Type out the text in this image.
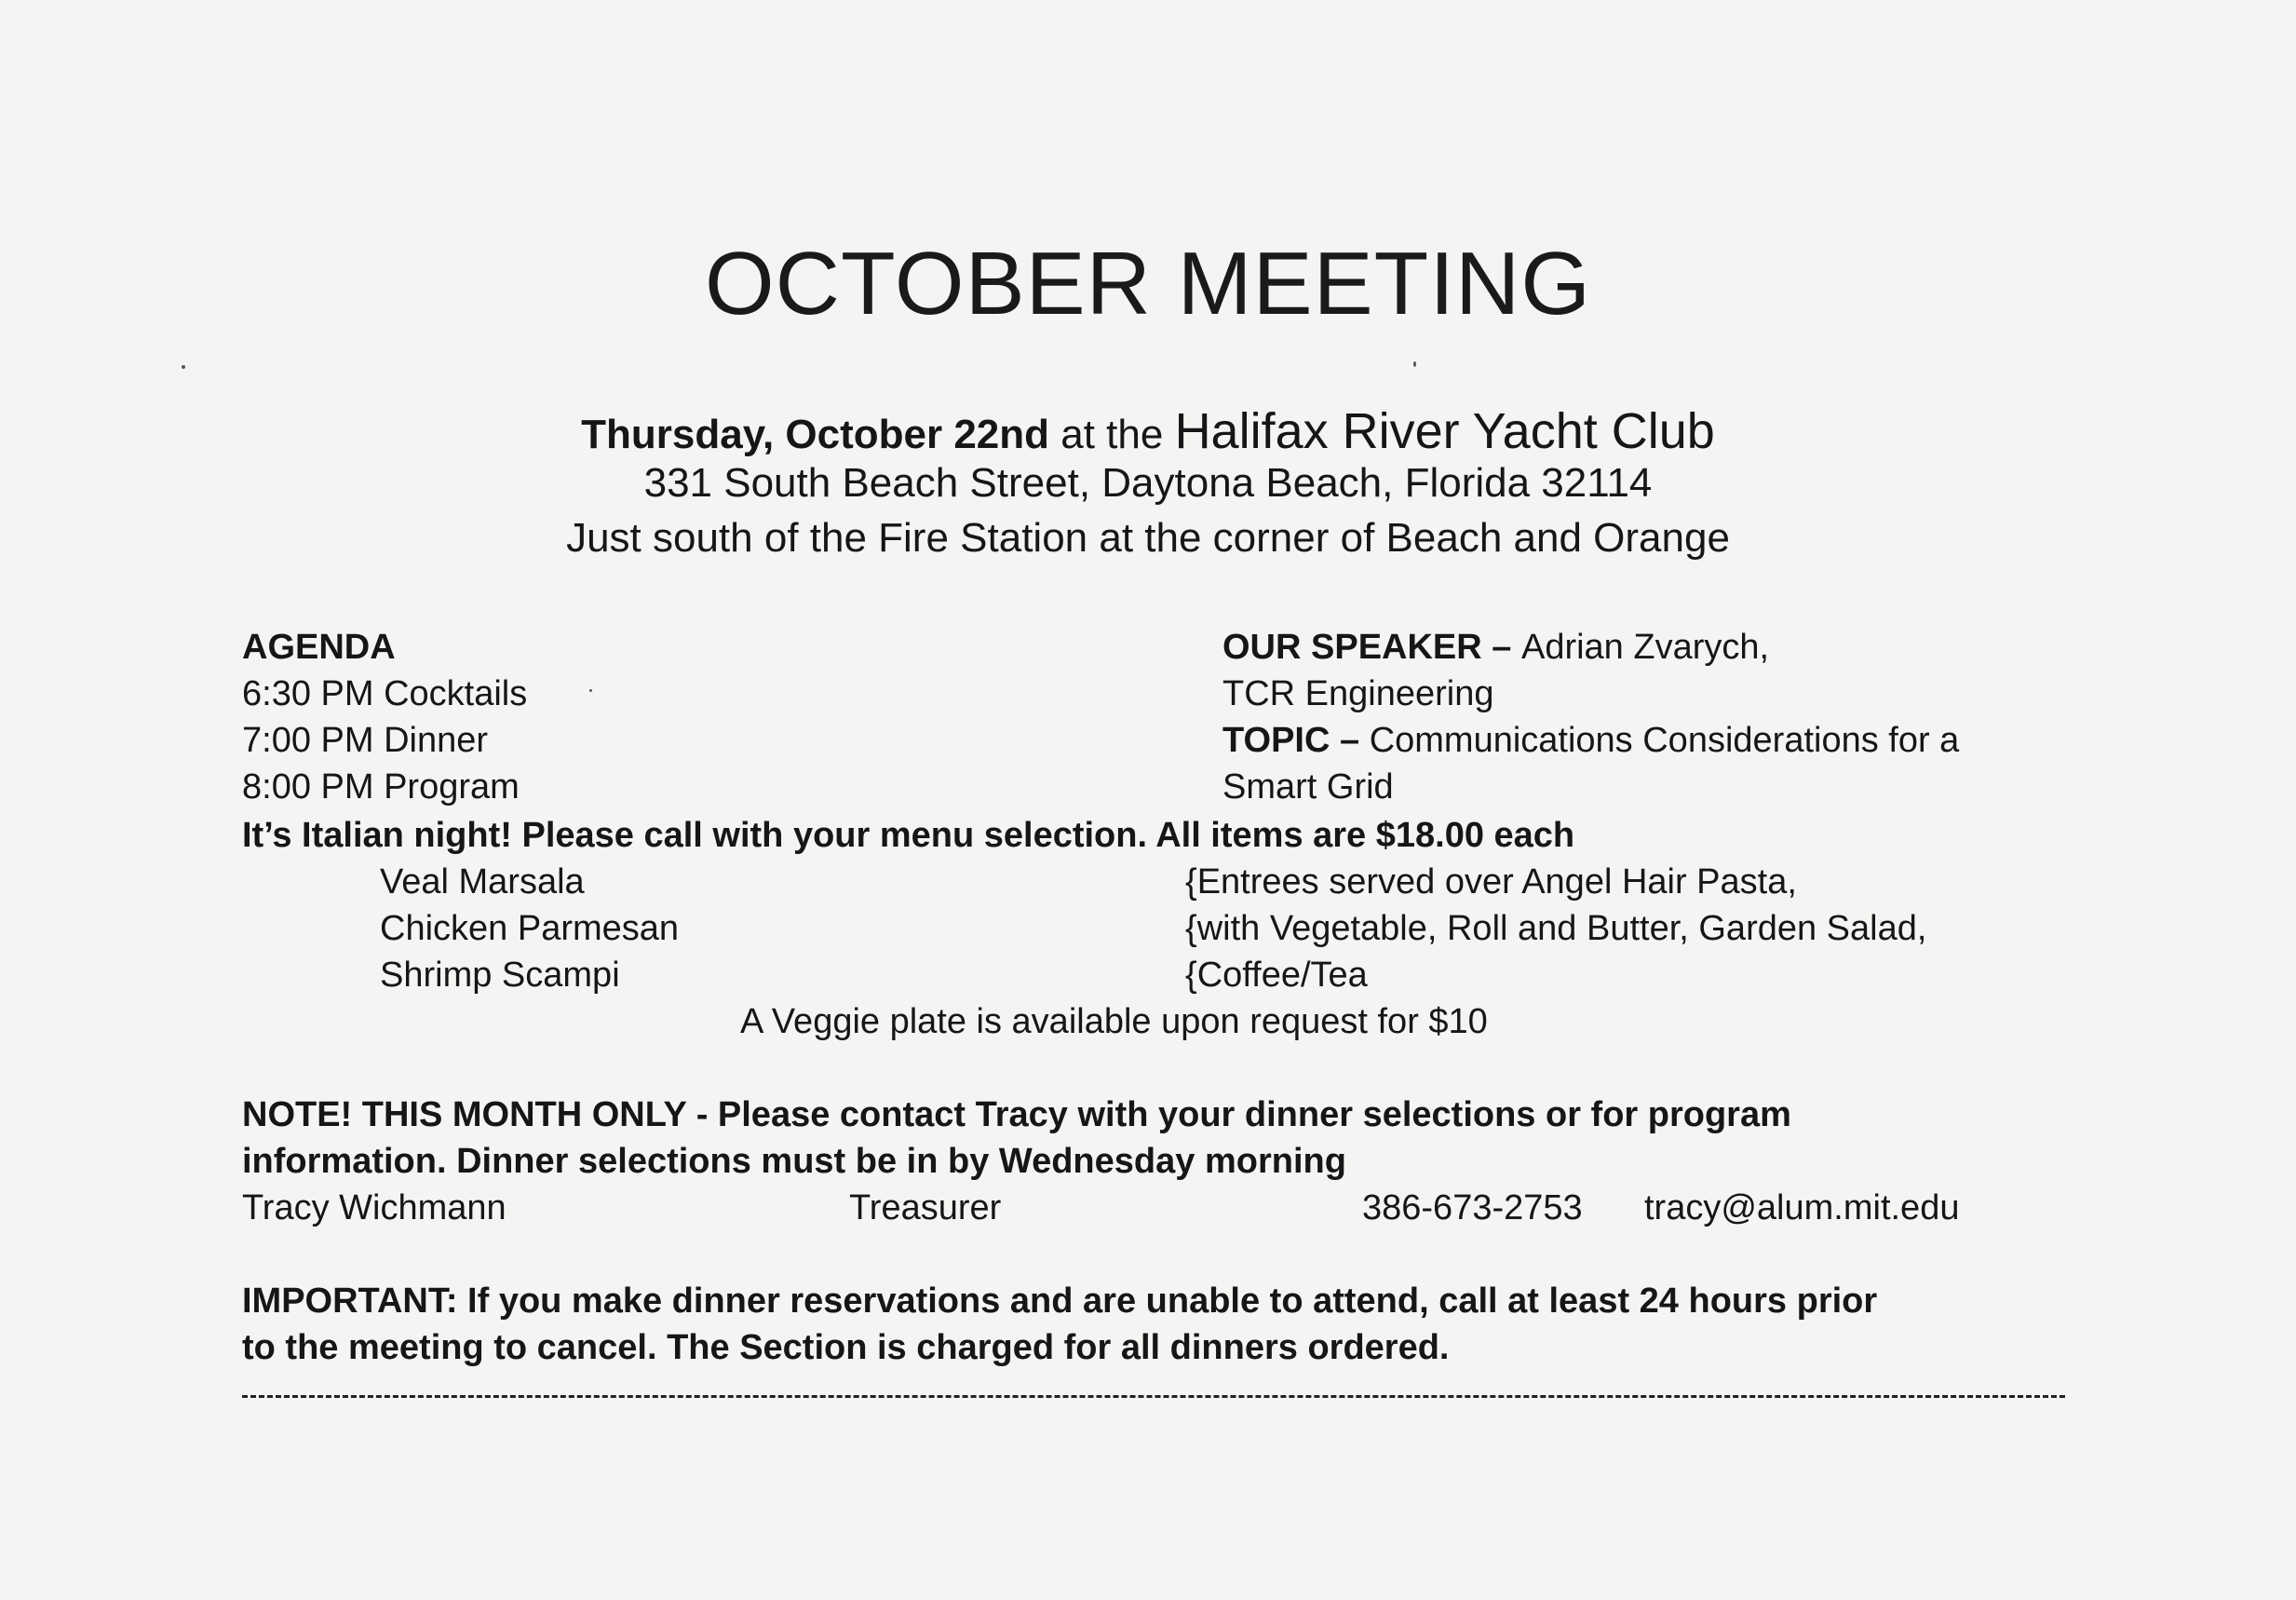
OCTOBER MEETING
Thursday, October 22nd at the Halifax River Yacht Club
331 South Beach Street, Daytona Beach, Florida 32114
Just south of the Fire Station at the corner of Beach and Orange
AGENDA
6:30 PM Cocktails
7:00 PM Dinner
8:00 PM Program
OUR SPEAKER – Adrian Zvarych,
TCR Engineering
TOPIC – Communications Considerations for a
Smart Grid
It’s Italian night! Please call with your menu selection. All items are $18.00 each
Veal Marsala
Chicken Parmesan
Shrimp Scampi
{Entrees served over Angel Hair Pasta,
{with Vegetable, Roll and Butter, Garden Salad,
{Coffee/Tea
A Veggie plate is available upon request for $10
NOTE! THIS MONTH ONLY - Please contact Tracy with your dinner selections or for program
information. Dinner selections must be in by Wednesday morning
Tracy Wichmann	Treasurer	386-673-2753 tracy@alum.mit.edu
IMPORTANT: If you make dinner reservations and are unable to attend, call at least 24 hours prior
to the meeting to cancel. The Section is charged for all dinners ordered.
